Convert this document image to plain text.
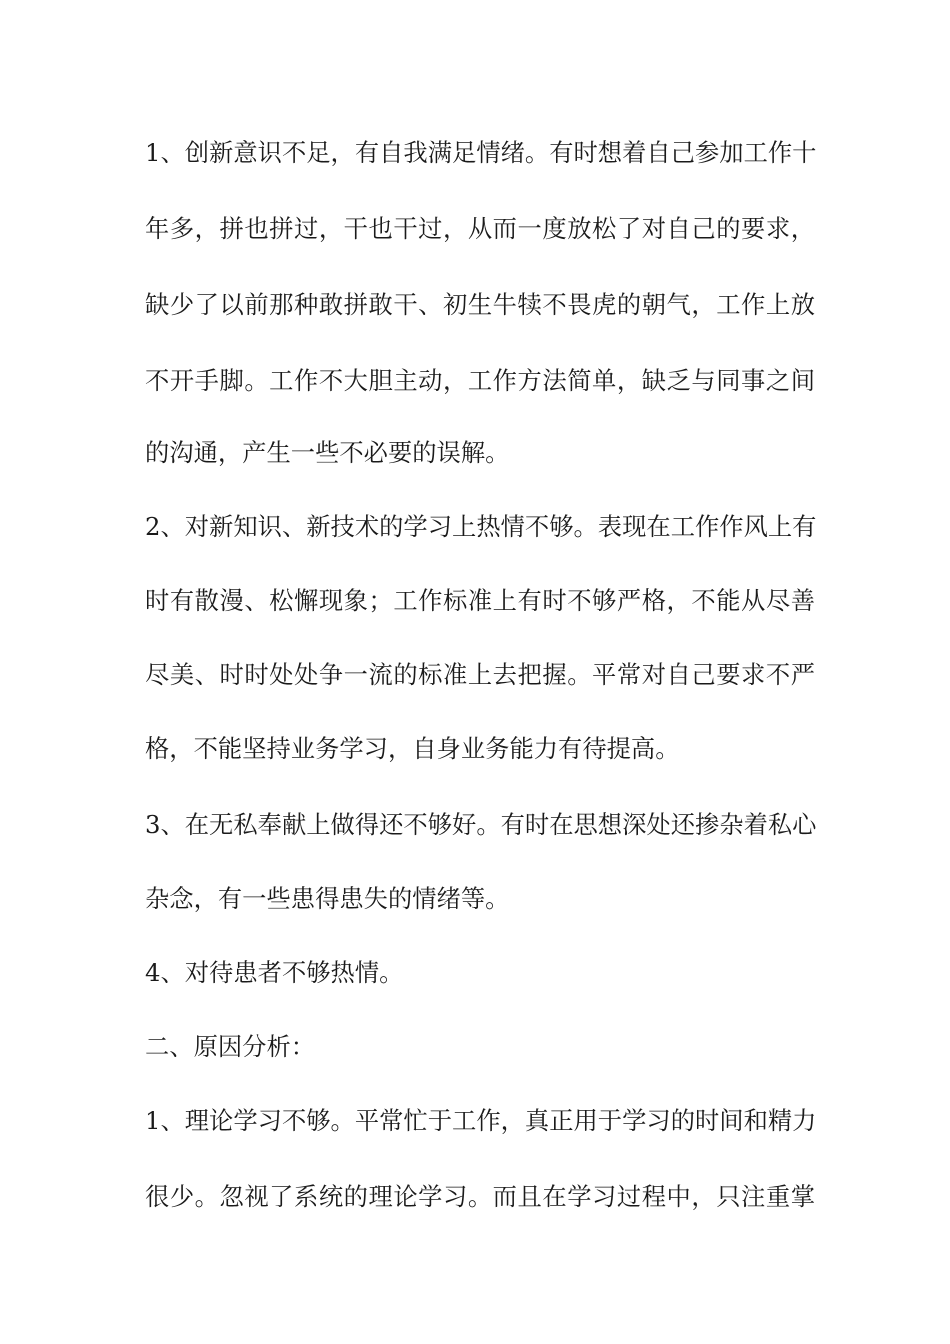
1、创新意识不足，有自我满足情绪。有时想着自己参加工作十

年多，拼也拼过，干也干过，从而一度放松了对自己的要求，

缺少了以前那种敢拼敢干、初生牛犊不畏虎的朝气，工作上放

不开手脚。工作不大胆主动，工作方法简单，缺乏与同事之间

的沟通，产生一些不必要的误解。

2、对新知识、新技术的学习上热情不够。表现在工作作风上有

时有散漫、松懈现象；工作标准上有时不够严格，不能从尽善

尽美、时时处处争一流的标准上去把握。平常对自己要求不严

格，不能坚持业务学习，自身业务能力有待提高。

3、在无私奉献上做得还不够好。有时在思想深处还掺杂着私心

杂念，有一些患得患失的情绪等。

4、对待患者不够热情。

二、原因分析：

1、理论学习不够。平常忙于工作，真正用于学习的时间和精力

很少。忽视了系统的理论学习。而且在学习过程中，只注重掌
